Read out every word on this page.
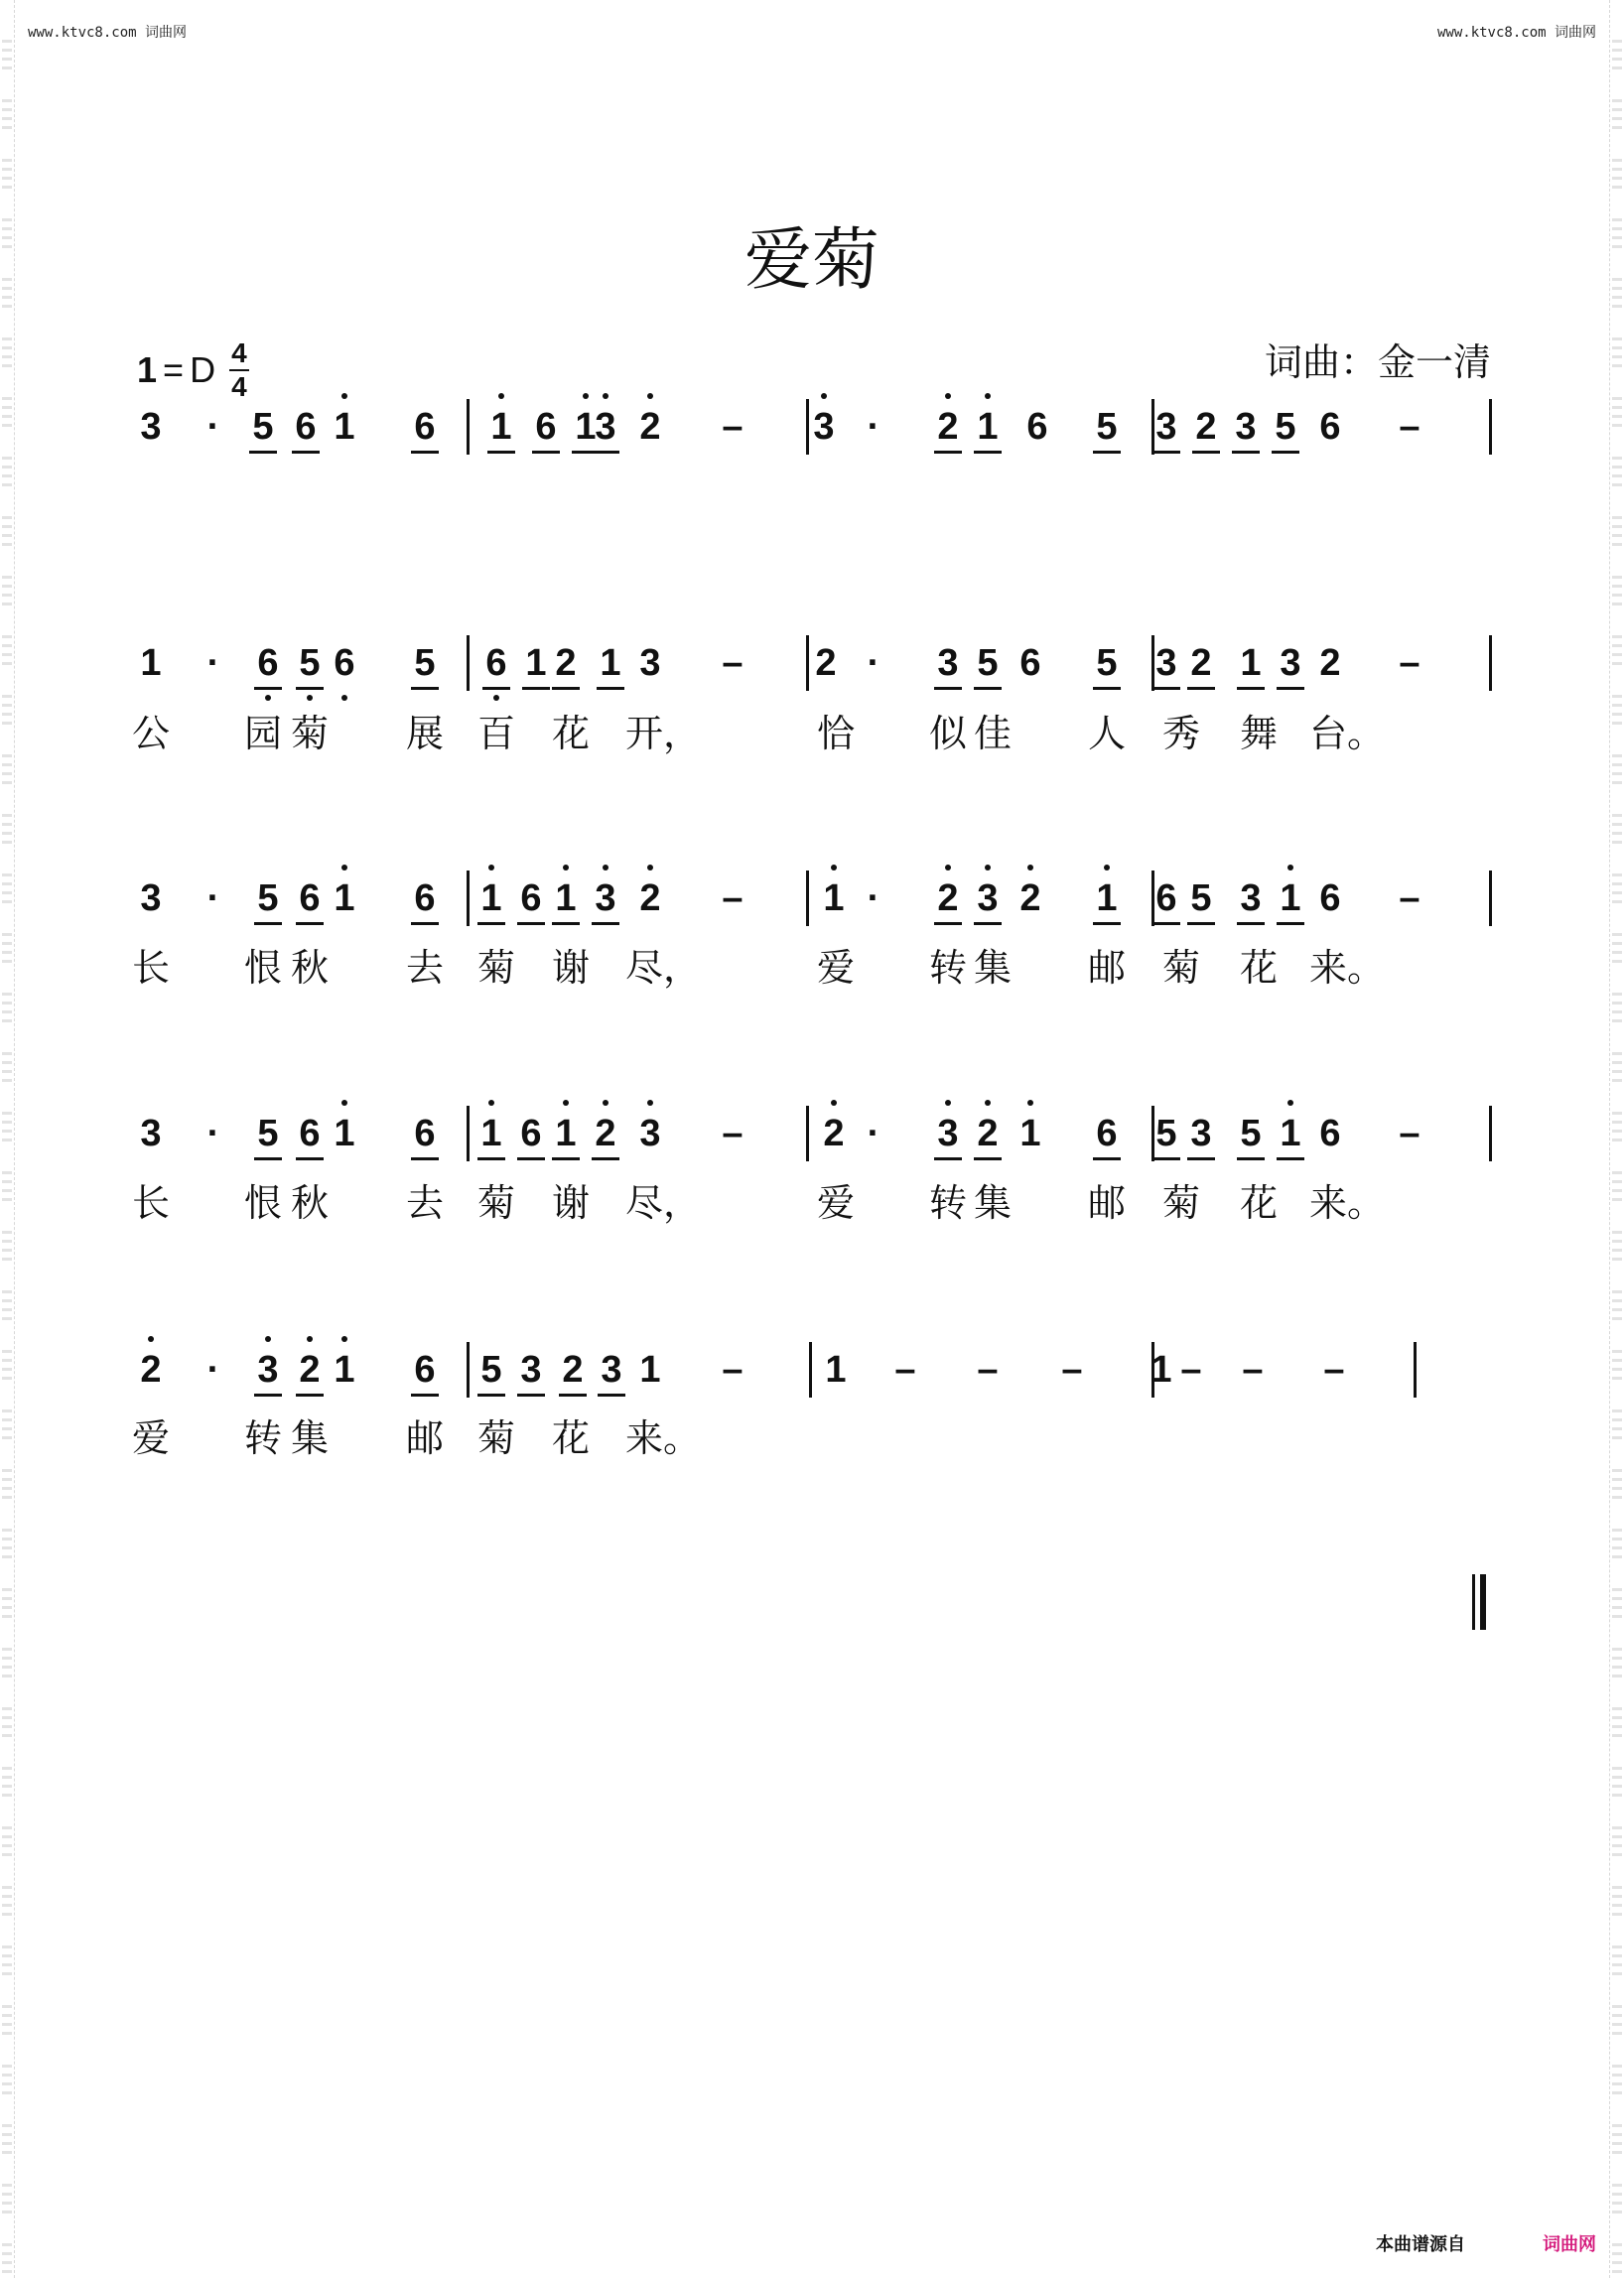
www.ktvc8.com 词曲网	www.ktvc8.com 词曲网
爱菊
1 = D $\frac{4}{4}$	词曲：金一清
3	· 5 6 1 6 1 6 1
3 2 – 3 ·	2 1 6 5 3 2 3 5 6 –
1	·	6 5 6 5 6 1 2 1 3 – 2 ·	3 5 6 5 3 2 1 3 2 –
公 园 菊 展 百 花 开，	恰 似 佳 人 秀 舞 台。
3	·	5 6 1 6 1 6 1 3 2 – 1 ·	2 3 2 1 6 5 3 1 6 –
长 恨 秋 去 菊 谢 尽，	爱 转 集 邮 菊 花 来。
3	·	5 6 1 6 1 6 1 2 3 – 2 ·	3 2 1 6 5 3 5 1 6 –
长 恨 秋 去 菊 谢 尽，	爱 转 集 邮 菊 花 来。
2	·	3 2 1 6 5 3 2 3 1 – 1 – – – 1 – – –
爱 转 集 邮 菊 花 来。
本曲谱源自	词曲网
